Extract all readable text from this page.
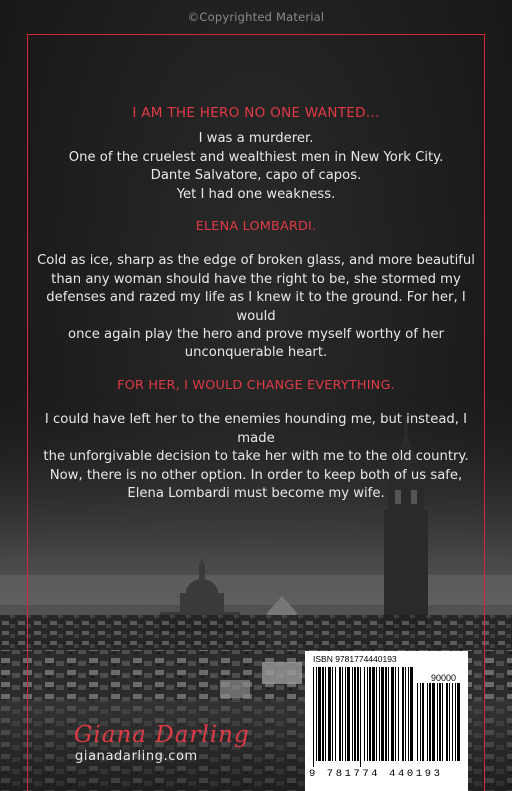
©Copyrighted Material

I AM THE HERO NO ONE WANTED...

I was a murderer.

One of the cruelest and wealthiest men in New York City.

Dante Salvatore, capo of capos.

Yet I had one weakness.

ELENA LOMBARDI.

Cold as ice, sharp as the edge of broken glass, and more beautiful

than any woman should have the right to be, she stormed my

defenses and razed my life as I knew it to the ground. For her, I would

once again play the hero and prove myself worthy of her

unconquerable heart.

FOR HER, I WOULD CHANGE EVERYTHING.

I could have left her to the enemies hounding me, but instead, I made

the unforgivable decision to take her with me to the old country.

Now, there is no other option. In order to keep both of us safe,

Elena Lombardi must become my wife.

Giana Darling
gianadarling.com
ISBN 9781774440193
90000
9 781774 440193
